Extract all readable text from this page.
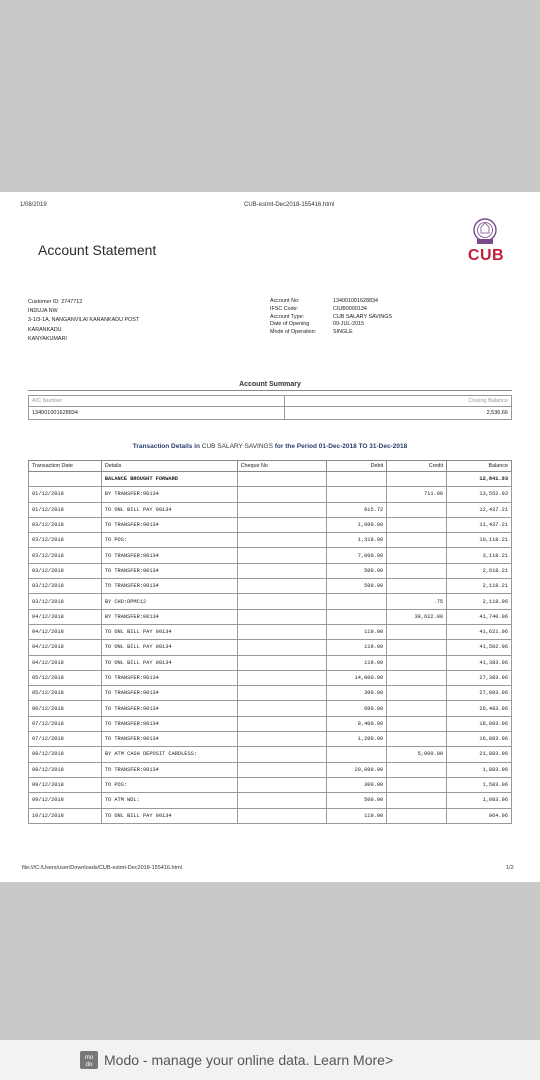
1/08/2019	CUB-estmt-Dec2018-155416.html
Account Statement	CUB
Customer ID: 2747712
INDUJA NW
3-1/3-1A, NANGANVILAI KARANKADU POST
KARANKADU
KANYAKUMARI
Account No:	134001001628834
IFSC Code:	CIUB0000134
Account Type:	CUB SALARY SAVINGS
Date of Opening	09-JUL-2015
Mode of Operation:	SINGLE
Account Summary
A/C Number	Closing Balance
134001001628834	2,536.66
Transaction Details in CUB SALARY SAVINGS for the Period 01-Dec-2018 TO 31-Dec-2018
Transaction Date	Details	Cheque No	Debit	Credit	Balance
	BALANCE BROUGHT FORWARD				12,841.93
01/12/2018	BY TRANSFER:00134			711.00	13,552.93
01/12/2018	TO ONL BILL PAY 00134		915.72		12,437.21
03/12/2018	TO TRANSFER:00134		1,000.00		11,437.21
03/12/2018	TO POS:		1,319.00		10,118.21
03/12/2018	TO TRANSFER:00134		7,000.00		3,118.21
03/12/2018	TO TRANSFER:00134		500.00		2,618.21
03/12/2018	TO TRANSFER:00134		500.00		2,118.21
03/12/2018	BY CHD:DPMC12			.75	2,118.96
04/12/2018	BY TRANSFER:00134			39,622.00	41,740.96
04/12/2018	TO ONL BILL PAY 00134		119.00		41,621.96
04/12/2018	TO ONL BILL PAY 00134		119.00		41,502.96
04/12/2018	TO ONL BILL PAY 00134		119.00		41,383.96
05/12/2018	TO TRANSFER:00134		14,000.00		27,383.96
05/12/2018	TO TRANSFER:00134		300.00		27,083.96
06/12/2018	TO TRANSFER:00134		600.00		26,483.96
07/12/2018	TO TRANSFER:00134		8,400.00		18,083.96
07/12/2018	TO TRANSFER:00134		1,200.00		16,883.96
08/12/2018	BY ATM CASH DEPOSIT CARDLESS:			5,000.00	21,883.96
08/12/2018	TO TRANSFER:00134		20,000.00		1,883.96
09/12/2018	TO POS:		300.00		1,583.96
09/12/2018	TO ATM WDL:		500.00		1,083.96
10/12/2018	TO ONL BILL PAY 00134		119.00		964.96
file:///C:/Users/user/Downloads/CUB-estmt-Dec2018-155416.html	1/2
mo
do Modo - manage your online data. Learn More>
